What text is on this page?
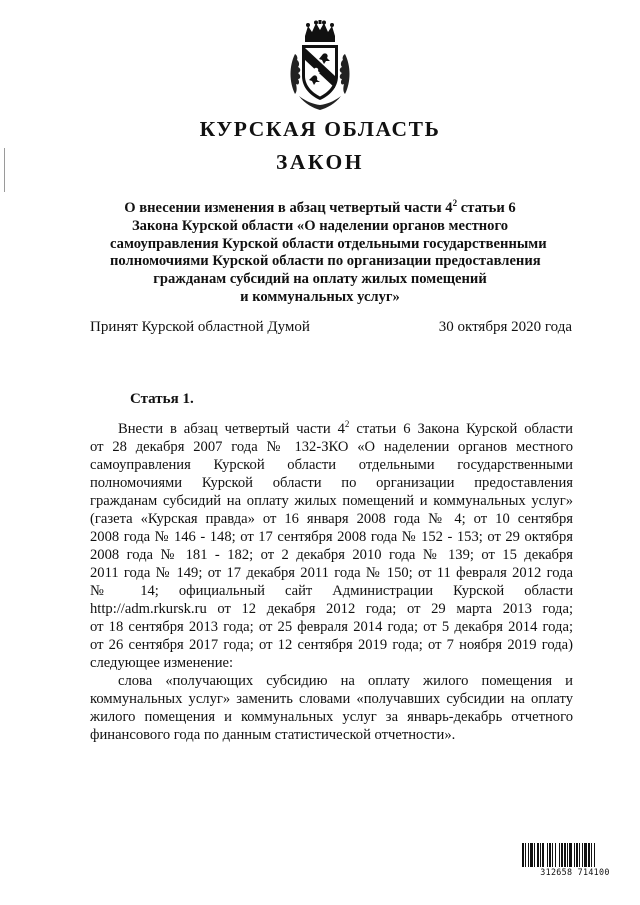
КУРСКАЯ ОБЛАСТЬ
ЗАКОН
О внесении изменения в абзац четвертый части $4^2$ статьи 6
Закона Курской области «О наделении органов местного
самоуправления Курской области отдельными государственными
полномочиями Курской области по организации предоставления
гражданам субсидий на оплату жилых помещений
и коммунальных услуг»
Принят Курской областной Думой	30 октября 2020 года
Статья 1.
Внести в абзац четвертый части $4^2$ статьи 6 Закона Курской области
от 28 декабря 2007 года № 132-ЗКО «О наделении органов местного
самоуправления Курской области отдельными государственными
полномочиями Курской области по организации предоставления
гражданам субсидий на оплату жилых помещений и коммунальных услуг»
(газета «Курская правда» от 16 января 2008 года № 4; от 10 сентября
2008 года № 146 - 148; от 17 сентября 2008 года № 152 - 153; от 29 октября
2008 года № 181 - 182; от 2 декабря 2010 года № 139; от 15 декабря
2011 года № 149; от 17 декабря 2011 года № 150; от 11 февраля 2012 года
№ 14; официальный сайт Администрации Курской области
http://adm.rkursk.ru от 12 декабря 2012 года; от 29 марта 2013 года;
от 18 сентября 2013 года; от 25 февраля 2014 года; от 5 декабря 2014 года;
от 26 сентября 2017 года; от 12 сентября 2019 года; от 7 ноября 2019 года)
следующее изменение:
слова «получающих субсидию на оплату жилого помещения и
коммунальных услуг» заменить словами «получавших субсидии на оплату
жилого помещения и коммунальных услуг за январь-декабрь отчетного
финансового года по данным статистической отчетности».
312658 714100
